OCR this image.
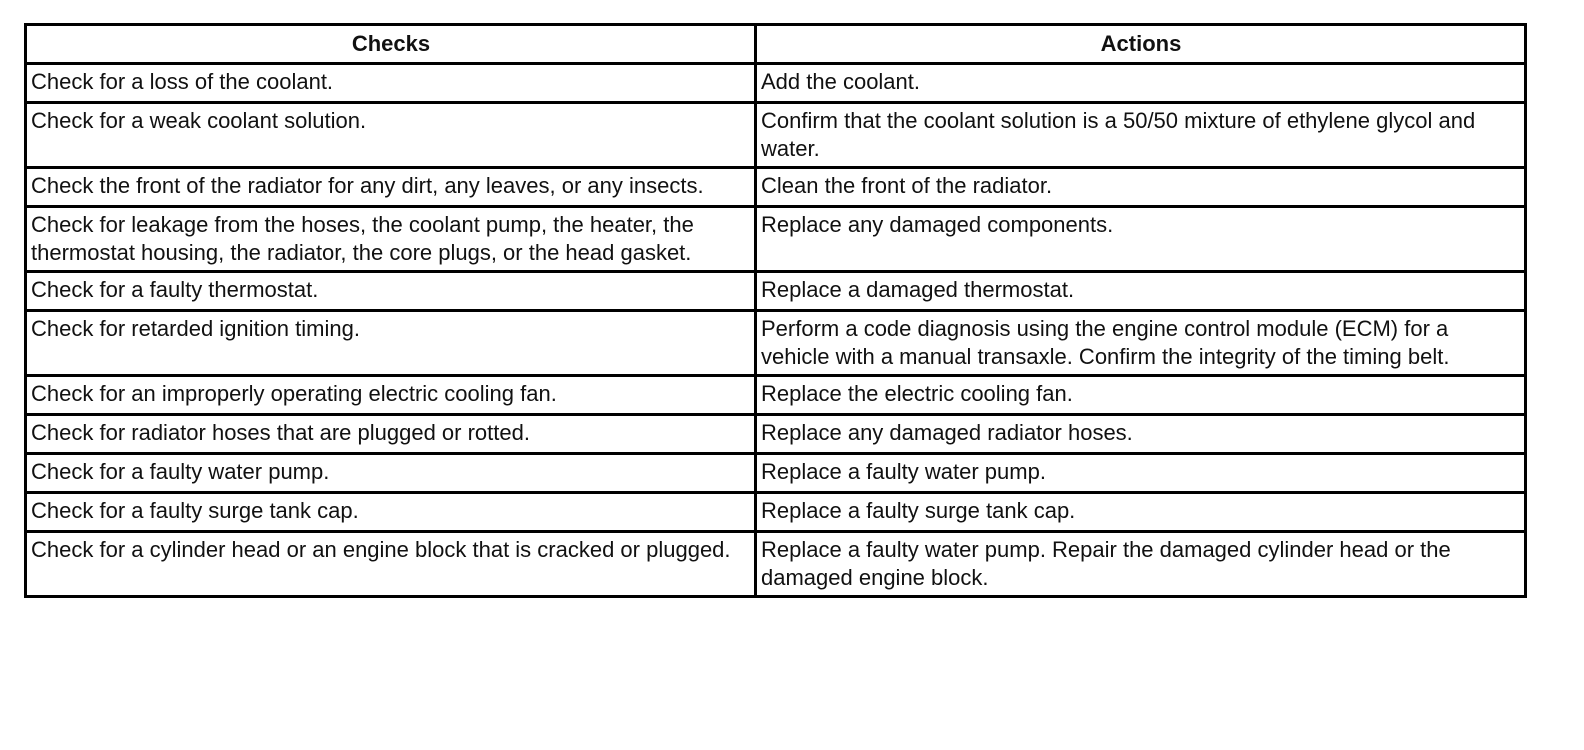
Checks	Actions
Check for a loss of the coolant.	Add the coolant.
Check for a weak coolant solution.	Confirm that the coolant solution is a 50/50 mixture of ethylene glycol and water.
Check the front of the radiator for any dirt, any leaves, or any insects.	Clean the front of the radiator.
Check for leakage from the hoses, the coolant pump, the heater, the thermostat housing, the radiator, the core plugs, or the head gasket.	Replace any damaged components.
Check for a faulty thermostat.	Replace a damaged thermostat.
Check for retarded ignition timing.	Perform a code diagnosis using the engine control module (ECM) for a vehicle with a manual transaxle. Confirm the integrity of the timing belt.
Check for an improperly operating electric cooling fan.	Replace the electric cooling fan.
Check for radiator hoses that are plugged or rotted.	Replace any damaged radiator hoses.
Check for a faulty water pump.	Replace a faulty water pump.
Check for a faulty surge tank cap.	Replace a faulty surge tank cap.
Check for a cylinder head or an engine block that is cracked or plugged.	Replace a faulty water pump. Repair the damaged cylinder head or the damaged engine block.
